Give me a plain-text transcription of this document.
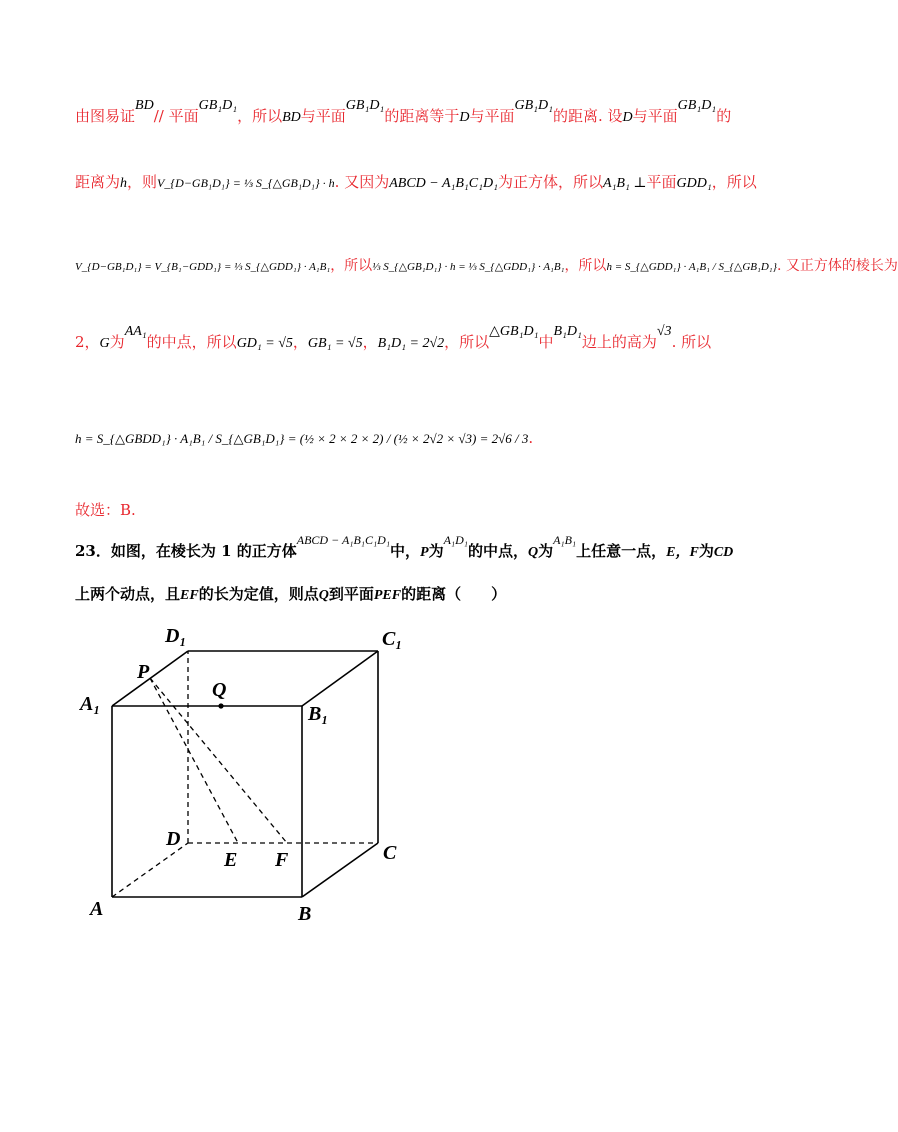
由图易证BD// 平面GB₁D₁，所以BD与平面GB₁D₁的距离等于D与平面GB₁D₁的距离. 设D与平面GB₁D₁的
距离为h，则V_{D−GB₁D₁} = ⅓ S_{△GB₁D₁} · h. 又因为ABCD − A₁B₁C₁D₁为正方体，所以A₁B₁ ⊥平面GDD₁，所以
V_{D−GB₁D₁} = V_{B₁−GDD₁} = ⅓ S_{△GDD₁} · A₁B₁，所以⅓ S_{△GB₁D₁} · h = ⅓ S_{△GDD₁} · A₁B₁，所以h = S_{△GDD₁} · A₁B₁ / S_{△GB₁D₁}. 又正方体的棱长为
2，G为AA₁的中点，所以GD₁ = √5，GB₁ = √5，B₁D₁ = 2√2，所以△GB₁D₁中B₁D₁边上的高为√3. 所以
h = S_{△GBDD₁} · A₁B₁ / S_{△GB₁D₁} = (½ × 2 × 2 × 2) / (½ × 2√2 × √3) = 2√6 / 3.
故选：B.
23．如图，在棱长为 1 的正方体$^{ABCD - A_1B_1C_1D_1}$中，P为$^{A_1D_1}$的中点，Q为$^{A_1B_1}$上任意一点，E，F为CD
上两个动点，且EF的长为定值，则点Q到平面PEF的距离（　　）
D₁	C₁
P
Q
A₁	B₁
D
E F	C
A	B
